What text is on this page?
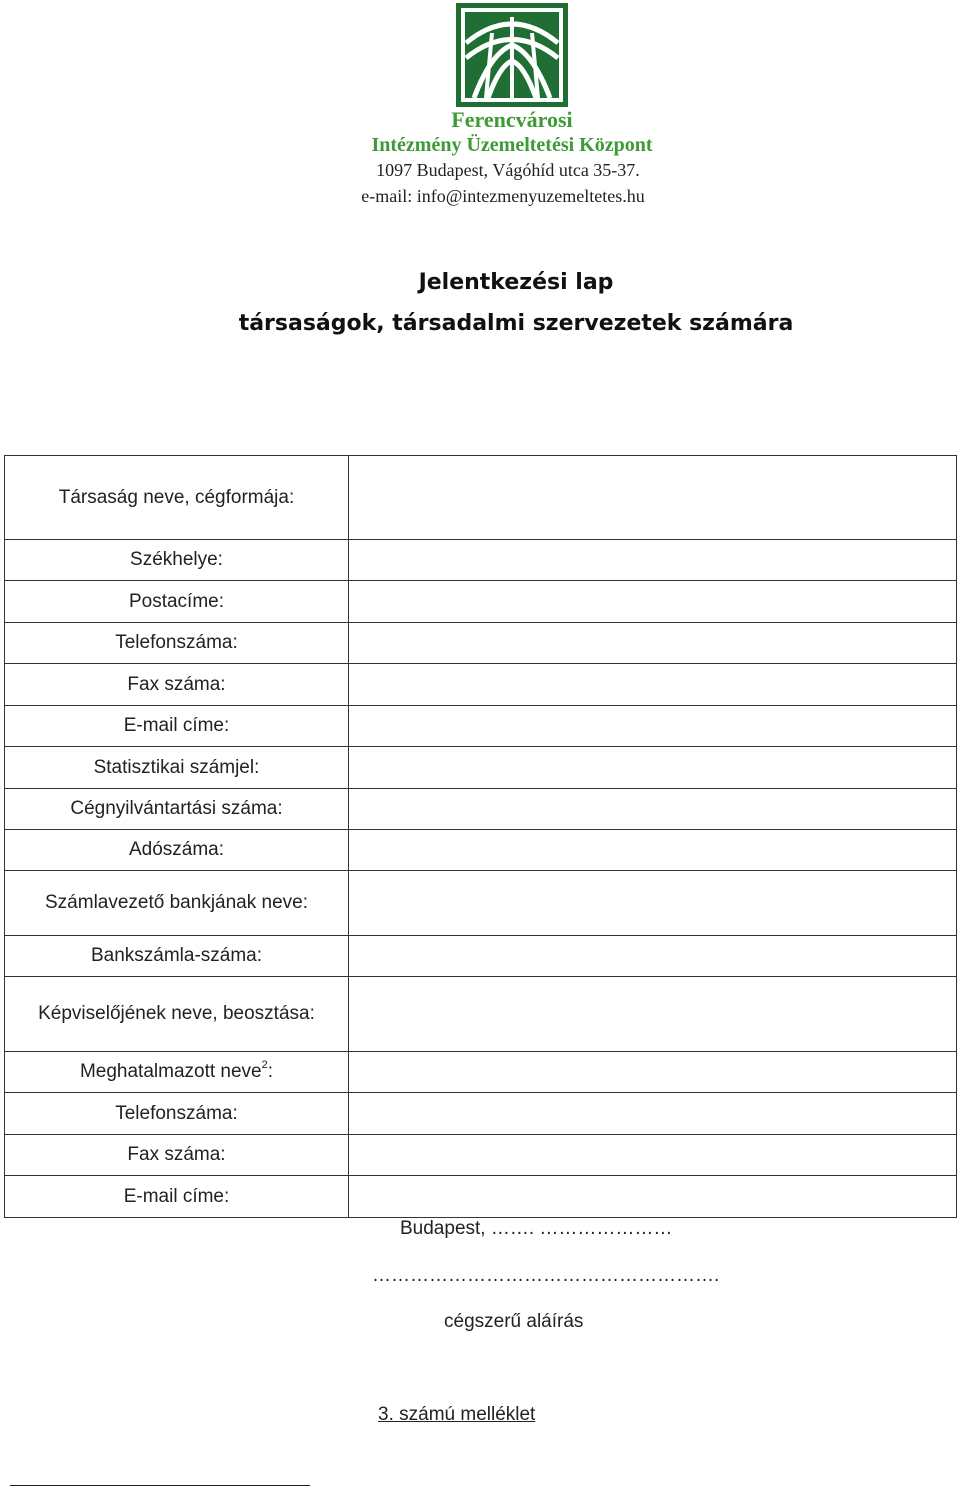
Ferencvárosi
Intézmény Üzemeltetési Központ
1097 Budapest, Vágóhíd utca 35-37.
e-mail: info@intezmenyuzemeltetes.hu
Jelentkezési lap
társaságok, társadalmi szervezetek számára
Társaság neve, cégformája:	
Székhelye:	
Postacíme:	
Telefonszáma:	
Fax száma:	
E-mail címe:	
Statisztikai számjel:	
Cégnyilvántartási száma:	
Adószáma:	
Számlavezető bankjának neve:	
Bankszámla-száma:	
Képviselőjének neve, beosztása:	
Meghatalmazott neve$^2$:	
Telefonszáma:	
Fax száma:	
E-mail címe:	
Budapest, ……. …………………
……………………………………………….
cégszerű aláírás
3. számú melléklet
